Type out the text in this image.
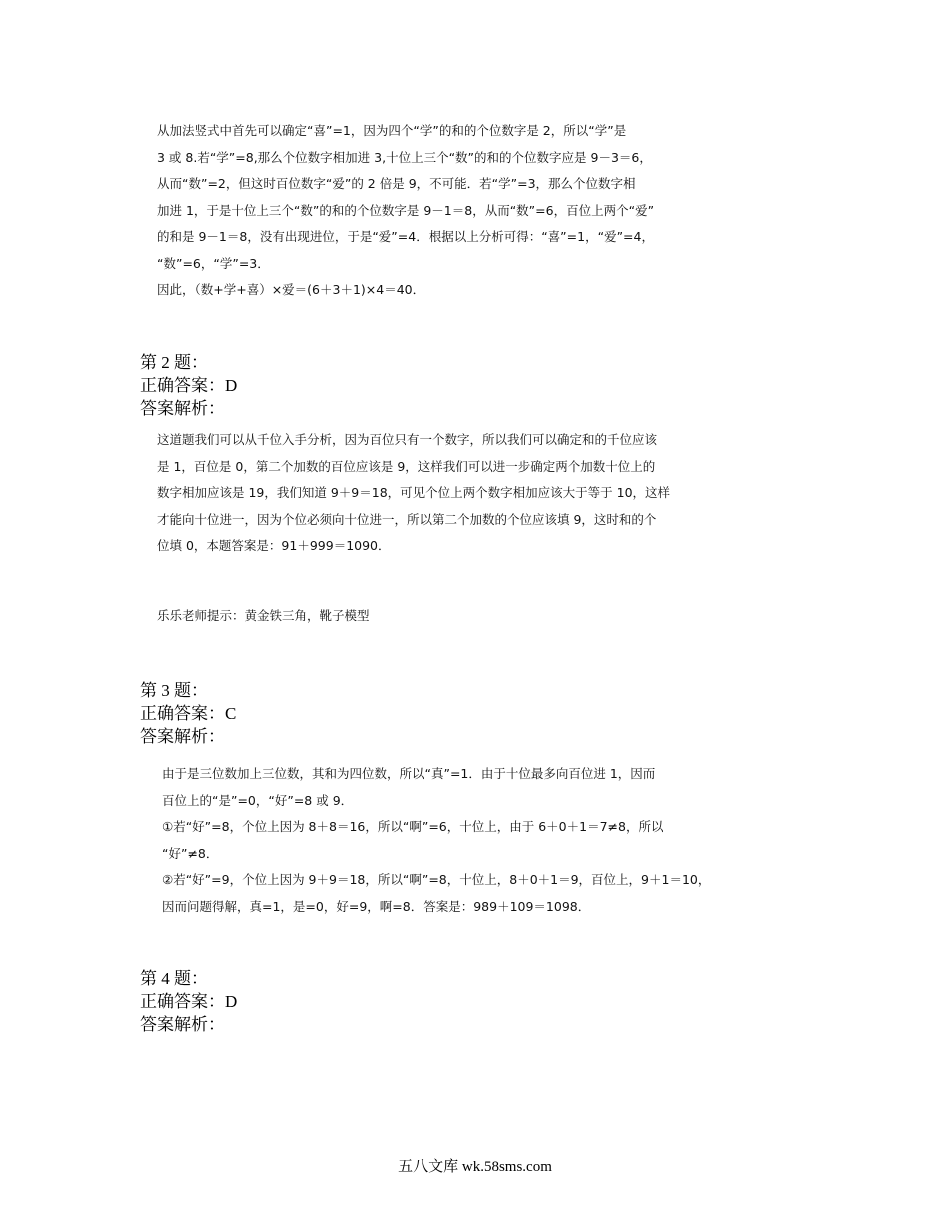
从加法竖式中首先可以确定“喜”=1，因为四个“学”的和的个位数字是 2，所以“学”是

3 或 8.若“学”=8,那么个位数字相加进 3,十位上三个“数”的和的个位数字应是 9－3＝6，

从而“数”=2，但这时百位数字“爱”的 2 倍是 9，不可能．若“学”=3，那么个位数字相

加进 1，于是十位上三个“数”的和的个位数字是 9－1＝8，从而“数”=6，百位上两个“爱”

的和是 9－1＝8，没有出现进位，于是“爱”=4．根据以上分析可得：“喜”=1，“爱”=4，

“数”=6，“学”=3．

因此，（数+学+喜）×爱＝(6＋3＋1)×4＝40．

第 2 题：
正确答案：D
答案解析：

这道题我们可以从千位入手分析，因为百位只有一个数字，所以我们可以确定和的千位应该

是 1，百位是 0，第二个加数的百位应该是 9，这样我们可以进一步确定两个加数十位上的

数字相加应该是 19，我们知道 9＋9＝18，可见个位上两个数字相加应该大于等于 10，这样

才能向十位进一，因为个位必须向十位进一，所以第二个加数的个位应该填 9，这时和的个

位填 0，本题答案是：91＋999＝1090．

乐乐老师提示：黄金铁三角，靴子模型
第 3 题：
正确答案：C
答案解析：

由于是三位数加上三位数，其和为四位数，所以“真”=1．由于十位最多向百位进 1，因而

百位上的“是”=0，“好”=8 或 9．

①若“好”=8，个位上因为 8＋8＝16，所以“啊”=6，十位上，由于 6＋0＋1＝7≠8，所以

“好”≠8．

②若“好”=9，个位上因为 9＋9＝18，所以“啊”=8，十位上，8＋0＋1＝9，百位上，9＋1＝10，

因而问题得解，真=1，是=0，好=9，啊=8．答案是：989＋109＝1098．

第 4 题：
正确答案：D
答案解析：
五八文库 wk.58sms.com
